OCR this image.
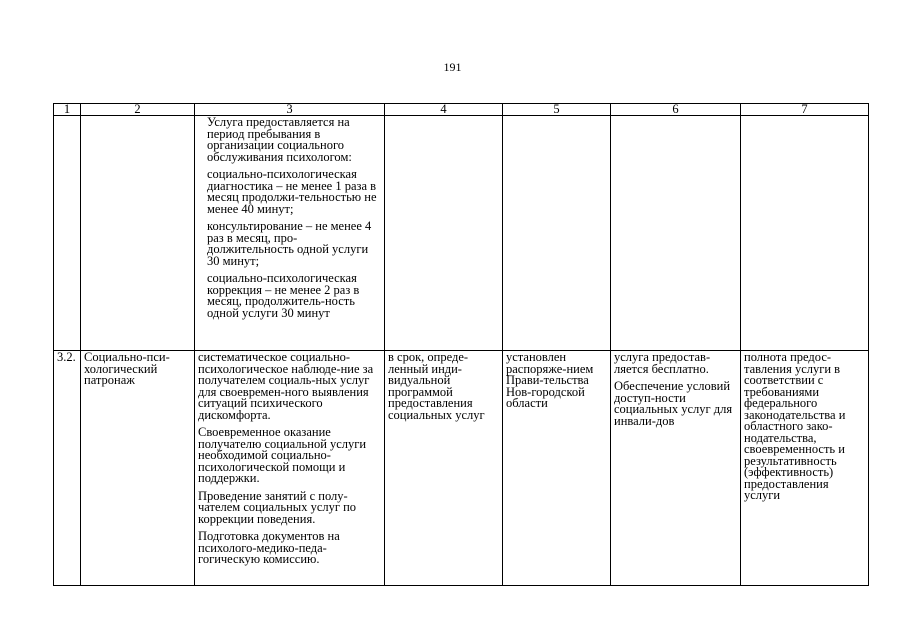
191
1	2	3	4	5	6	7

		Услуга предоставляется на период пребывания в организации социального обслуживания психологом:
социально-психологическая диагностика – не менее 1 раза в месяц продолжи-тельностью не менее 40 минут;
консультирование – не менее 4 раз в месяц, про-должительность одной услуги 30 минут;
социально-психологическая коррекция – не менее 2 раз в месяц, продолжитель-ность одной услуги 30 минут				

3.2.	Социально-пси-хологический патронаж	систематическое социально-психологическое наблюде-ние за получателем социаль-ных услуг для своевремен-ного выявления ситуаций психического дискомфорта.
Своевременное оказание получателю социальной услуги необходимой социально-психологической помощи и поддержки.
Проведение занятий с полу-чателем социальных услуг по коррекции поведения.
Подготовка документов на психолого-медико-педа-гогическую комиссию.	в срок, опреде-ленный инди-видуальной программой предоставления социальных услуг	установлен распоряже-нием Прави-тельства Нов-городской области	услуга предостав-ляется бесплатно.
Обеспечение условий доступ-ности социальных услуг для инвали-дов	полнота предос-тавления услуги в соответствии с требованиями федерального законодательства и областного зако-нодательства, своевременность и результативность (эффективность) предоставления услуги
